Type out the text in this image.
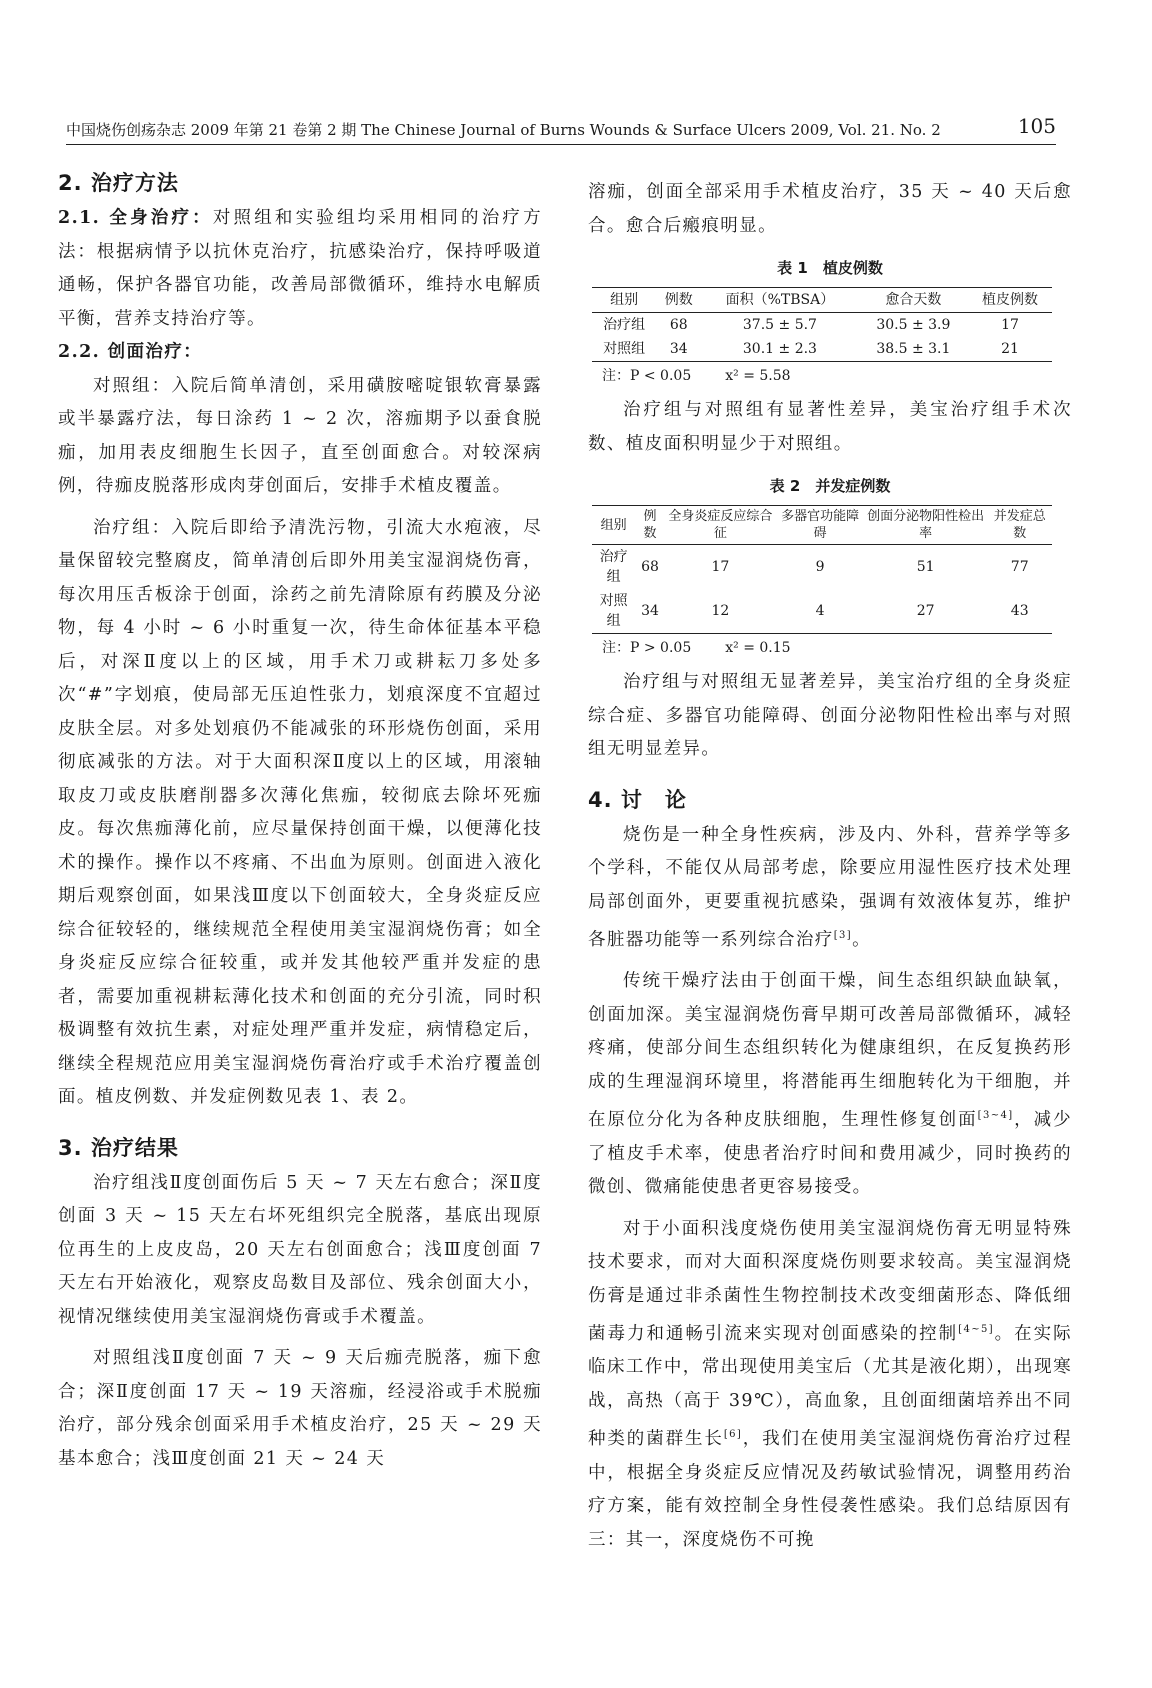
中国烧伤创疡杂志 2009 年第 21 卷第 2 期 The Chinese Journal of Burns Wounds & Surface Ulcers 2009, Vol. 21. No. 2	105
2. 治疗方法

2.1. 全身治疗：对照组和实验组均采用相同的治疗方法：根据病情予以抗休克治疗，抗感染治疗，保持呼吸道通畅，保护各器官功能，改善局部微循环，维持水电解质平衡，营养支持治疗等。

2.2. 创面治疗：

对照组：入院后简单清创，采用磺胺嘧啶银软膏暴露或半暴露疗法，每日涂药 1 ~ 2 次，溶痂期予以蚕食脱痂，加用表皮细胞生长因子，直至创面愈合。对较深病例，待痂皮脱落形成肉芽创面后，安排手术植皮覆盖。

治疗组：入院后即给予清洗污物，引流大水疱液，尽量保留较完整腐皮，简单清创后即外用美宝湿润烧伤膏，每次用压舌板涂于创面，涂药之前先清除原有药膜及分泌物，每 4 小时 ~ 6 小时重复一次，待生命体征基本平稳后，对深Ⅱ度以上的区域，用手术刀或耕耘刀多处多次“#”字划痕，使局部无压迫性张力，划痕深度不宜超过皮肤全层。对多处划痕仍不能减张的环形烧伤创面，采用彻底减张的方法。对于大面积深Ⅱ度以上的区域，用滚轴取皮刀或皮肤磨削器多次薄化焦痂，较彻底去除坏死痂皮。每次焦痂薄化前，应尽量保持创面干燥，以便薄化技术的操作。操作以不疼痛、不出血为原则。创面进入液化期后观察创面，如果浅Ⅲ度以下创面较大，全身炎症反应综合征较轻的，继续规范全程使用美宝湿润烧伤膏；如全身炎症反应综合征较重，或并发其他较严重并发症的患者，需要加重视耕耘薄化技术和创面的充分引流，同时积极调整有效抗生素，对症处理严重并发症，病情稳定后，继续全程规范应用美宝湿润烧伤膏治疗或手术治疗覆盖创面。植皮例数、并发症例数见表 1、表 2。

3. 治疗结果

治疗组浅Ⅱ度创面伤后 5 天 ~ 7 天左右愈合；深Ⅱ度创面 3 天 ~ 15 天左右坏死组织完全脱落，基底出现原位再生的上皮皮岛，20 天左右创面愈合；浅Ⅲ度创面 7 天左右开始液化，观察皮岛数目及部位、残余创面大小，视情况继续使用美宝湿润烧伤膏或手术覆盖。

对照组浅Ⅱ度创面 7 天 ~ 9 天后痂壳脱落，痂下愈合；深Ⅱ度创面 17 天 ~ 19 天溶痂，经浸浴或手术脱痂治疗，部分残余创面采用手术植皮治疗，25 天 ~ 29 天基本愈合；浅Ⅲ度创面 21 天 ~ 24 天

溶痂，创面全部采用手术植皮治疗，35 天 ~ 40 天后愈合。愈合后瘢痕明显。

表 1　植皮例数
组别	例数	面积（%TBSA）	愈合天数	植皮例数
治疗组	68	37.5 ± 5.7	30.5 ± 3.9	17
对照组	34	30.1 ± 2.3	38.5 ± 3.1	21
注：P < 0.05 x² = 5.58

治疗组与对照组有显著性差异，美宝治疗组手术次数、植皮面积明显少于对照组。

表 2　并发症例数
组别	例数	全身炎症反应综合征	多器官功能障碍	创面分泌物阳性检出率	并发症总数
治疗组	68	17	9	51	77
对照组	34	12	4	27	43
注：P > 0.05 x² = 0.15

治疗组与对照组无显著差异，美宝治疗组的全身炎症综合症、多器官功能障碍、创面分泌物阳性检出率与对照组无明显差异。

4. 讨　论

烧伤是一种全身性疾病，涉及内、外科，营养学等多个学科，不能仅从局部考虑，除要应用湿性医疗技术处理局部创面外，更要重视抗感染，强调有效液体复苏，维护各脏器功能等一系列综合治疗[3]。

传统干燥疗法由于创面干燥，间生态组织缺血缺氧，创面加深。美宝湿润烧伤膏早期可改善局部微循环，减轻疼痛，使部分间生态组织转化为健康组织，在反复换药形成的生理湿润环境里，将潜能再生细胞转化为干细胞，并在原位分化为各种皮肤细胞，生理性修复创面[3~4]，减少了植皮手术率，使患者治疗时间和费用减少，同时换药的微创、微痛能使患者更容易接受。

对于小面积浅度烧伤使用美宝湿润烧伤膏无明显特殊技术要求，而对大面积深度烧伤则要求较高。美宝湿润烧伤膏是通过非杀菌性生物控制技术改变细菌形态、降低细菌毒力和通畅引流来实现对创面感染的控制[4~5]。在实际临床工作中，常出现使用美宝后（尤其是液化期），出现寒战，高热（高于 39℃），高血象，且创面细菌培养出不同种类的菌群生长[6]，我们在使用美宝湿润烧伤膏治疗过程中，根据全身炎症反应情况及药敏试验情况，调整用药治疗方案，能有效控制全身性侵袭性感染。我们总结原因有三：其一，深度烧伤不可挽
